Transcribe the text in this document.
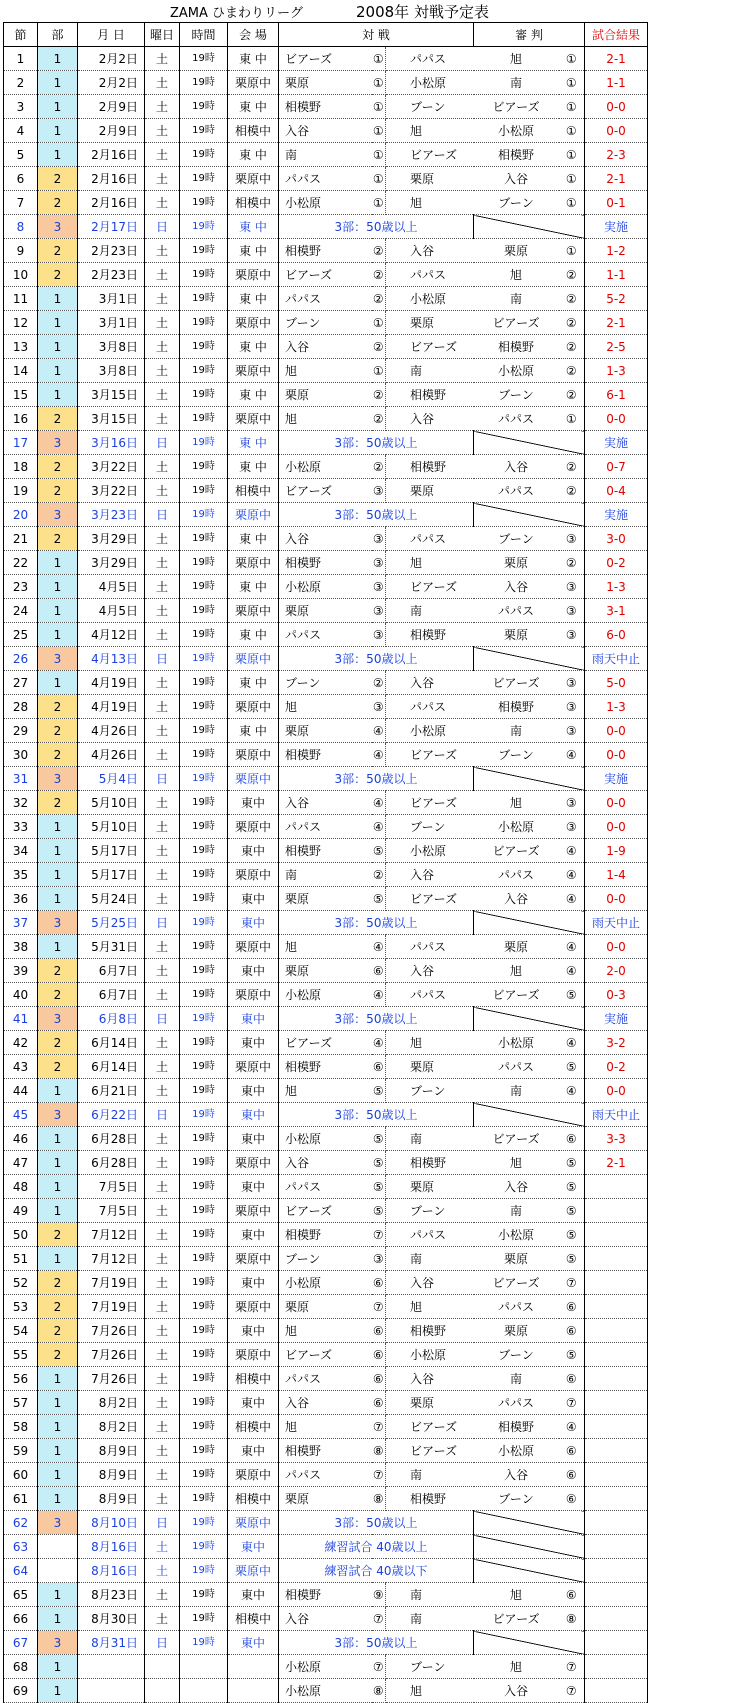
ZAMA ひまわりリーグ	2008年 対戦予定表
節	部	月 日	曜日	時間	会 場	対 戦			審 判		試合結果
1	1	2月2日	土	19時	東 中	ビアーズ	①	パパス	旭	①	2-1
2	1	2月2日	土	19時	栗原中	栗原	①	小松原	南	①	1-1
3	1	2月9日	土	19時	東 中	相模野	①	ブーン	ビアーズ	①	0-0
4	1	2月9日	土	19時	相模中	入谷	①	旭	小松原	①	0-0
5	1	2月16日	土	19時	東 中	南	①	ビアーズ	相模野	①	2-3
6	2	2月16日	土	19時	栗原中	パパス	①	栗原	入谷	①	2-1
7	2	2月16日	土	19時	相模中	小松原	①	旭	ブーン	①	0-1
8	3	2月17日	日	19時	東 中	3部：50歳以上					実施
9	2	2月23日	土	19時	東 中	相模野	②	入谷	栗原	①	1-2
10	2	2月23日	土	19時	栗原中	ビアーズ	②	パパス	旭	②	1-1
11	1	3月1日	土	19時	東 中	パパス	②	小松原	南	②	5-2
12	1	3月1日	土	19時	栗原中	ブーン	①	栗原	ビアーズ	②	2-1
13	1	3月8日	土	19時	東 中	入谷	②	ビアーズ	相模野	②	2-5
14	1	3月8日	土	19時	栗原中	旭	①	南	小松原	②	1-3
15	1	3月15日	土	19時	東 中	栗原	②	相模野	ブーン	②	6-1
16	2	3月15日	土	19時	栗原中	旭	②	入谷	パパス	①	0-0
17	3	3月16日	日	19時	東 中	3部：50歳以上					実施
18	2	3月22日	土	19時	東 中	小松原	②	相模野	入谷	②	0-7
19	2	3月22日	土	19時	相模中	ビアーズ	③	栗原	パパス	②	0-4
20	3	3月23日	日	19時	栗原中	3部：50歳以上					実施
21	2	3月29日	土	19時	東 中	入谷	③	パパス	ブーン	③	3-0
22	1	3月29日	土	19時	栗原中	相模野	③	旭	栗原	②	0-2
23	1	4月5日	土	19時	東 中	小松原	③	ビアーズ	入谷	③	1-3
24	1	4月5日	土	19時	栗原中	栗原	③	南	パパス	③	3-1
25	1	4月12日	土	19時	東 中	パパス	③	相模野	栗原	③	6-0
26	3	4月13日	日	19時	栗原中	3部：50歳以上					雨天中止
27	1	4月19日	土	19時	東 中	ブーン	②	入谷	ビアーズ	③	5-0
28	2	4月19日	土	19時	栗原中	旭	③	パパス	相模野	③	1-3
29	2	4月26日	土	19時	東 中	栗原	④	小松原	南	③	0-0
30	2	4月26日	土	19時	栗原中	相模野	④	ビアーズ	ブーン	④	0-0
31	3	5月4日	日	19時	栗原中	3部：50歳以上					実施
32	2	5月10日	土	19時	東中	入谷	④	ビアーズ	旭	③	0-0
33	1	5月10日	土	19時	栗原中	パパス	④	ブーン	小松原	③	0-0
34	1	5月17日	土	19時	東中	相模野	⑤	小松原	ビアーズ	④	1-9
35	1	5月17日	土	19時	栗原中	南	②	入谷	パパス	④	1-4
36	1	5月24日	土	19時	東中	栗原	⑤	ビアーズ	入谷	④	0-0
37	3	5月25日	日	19時	東中	3部：50歳以上					雨天中止
38	1	5月31日	土	19時	栗原中	旭	④	パパス	栗原	④	0-0
39	2	6月7日	土	19時	東中	栗原	⑥	入谷	旭	④	2-0
40	2	6月7日	土	19時	栗原中	小松原	④	パパス	ビアーズ	⑤	0-3
41	3	6月8日	日	19時	東中	3部：50歳以上					実施
42	2	6月14日	土	19時	東中	ビアーズ	④	旭	小松原	④	3-2
43	2	6月14日	土	19時	栗原中	相模野	⑥	栗原	パパス	⑤	0-2
44	1	6月21日	土	19時	東中	旭	⑤	ブーン	南	④	0-0
45	3	6月22日	日	19時	東中	3部：50歳以上					雨天中止
46	1	6月28日	土	19時	東中	小松原	⑤	南	ビアーズ	⑥	3-3
47	1	6月28日	土	19時	栗原中	入谷	⑤	相模野	旭	⑤	2-1
48	1	7月5日	土	19時	東中	パパス	⑤	栗原	入谷	⑤	
49	1	7月5日	土	19時	栗原中	ビアーズ	⑤	ブーン	南	⑤	
50	2	7月12日	土	19時	東中	相模野	⑦	パパス	小松原	⑤	
51	1	7月12日	土	19時	栗原中	ブーン	③	南	栗原	⑤	
52	2	7月19日	土	19時	東中	小松原	⑥	入谷	ビアーズ	⑦	
53	2	7月19日	土	19時	栗原中	栗原	⑦	旭	パパス	⑥	
54	2	7月26日	土	19時	東中	旭	⑥	相模野	栗原	⑥	
55	2	7月26日	土	19時	栗原中	ビアーズ	⑥	小松原	ブーン	⑤	
56	1	7月26日	土	19時	相模中	パパス	⑥	入谷	南	⑥	
57	1	8月2日	土	19時	東中	入谷	⑥	栗原	パパス	⑦	
58	1	8月2日	土	19時	相模中	旭	⑦	ビアーズ	相模野	④	
59	1	8月9日	土	19時	東中	相模野	⑧	ビアーズ	小松原	⑥	
60	1	8月9日	土	19時	栗原中	パパス	⑦	南	入谷	⑥	
61	1	8月9日	土	19時	相模中	栗原	⑧	相模野	ブーン	⑥	
62	3	8月10日	日	19時	栗原中	3部：50歳以上					
63		8月16日	土	19時	東中	練習試合 40歳以上					
64		8月16日	土	19時	栗原中	練習試合 40歳以下					
65	1	8月23日	土	19時	東中	相模野	⑨	南	旭	⑥	
66	1	8月30日	土	19時	相模中	入谷	⑦	南	ビアーズ	⑧	
67	3	8月31日	日	19時	東中	3部：50歳以上					
68	1					小松原	⑦	ブーン	旭	⑦	
69	1					小松原	⑧	旭	入谷	⑦	
